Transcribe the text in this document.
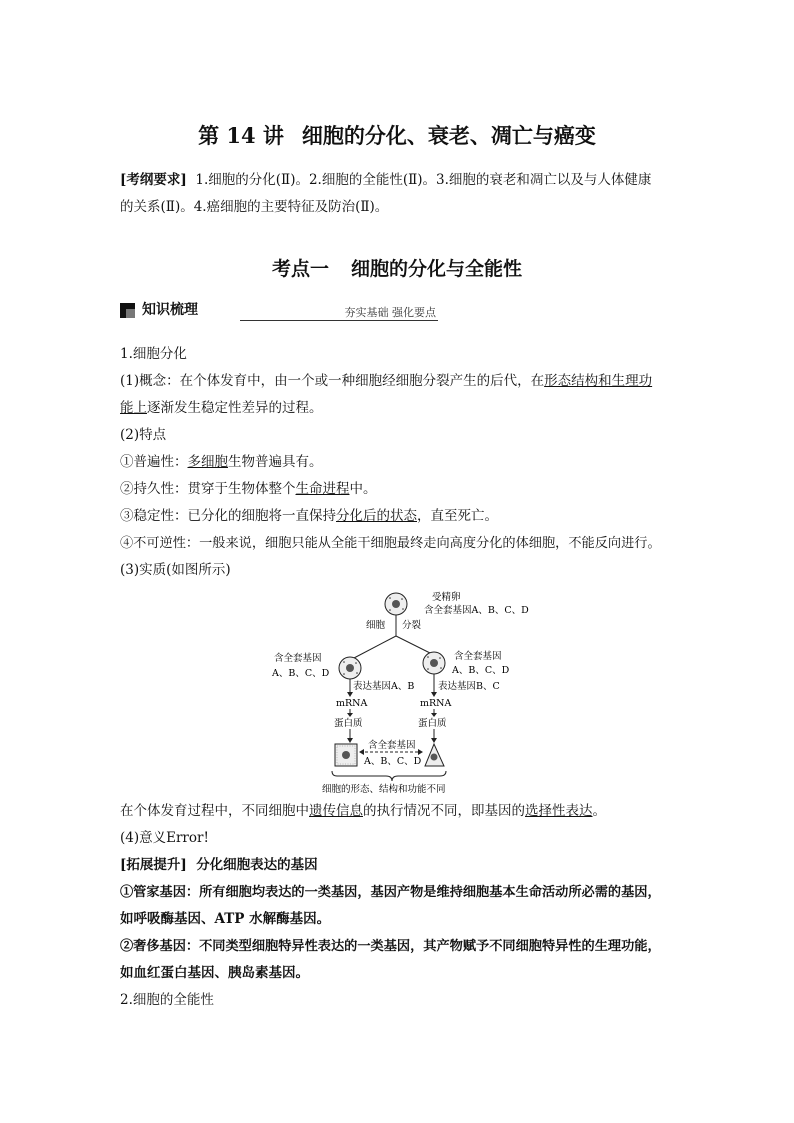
第 14 讲 细胞的分化、衰老、凋亡与癌变
[考纲要求] 1.细胞的分化(Ⅱ)。2.细胞的全能性(Ⅱ)。3.细胞的衰老和凋亡以及与人体健康
的关系(Ⅱ)。4.癌细胞的主要特征及防治(Ⅱ)。
考点一 细胞的分化与全能性
知识梳理	夯实基础 强化要点
1.细胞分化
(1)概念：在个体发育中，由一个或一种细胞经细胞分裂产生的后代，在形态结构和生理功
能上逐渐发生稳定性差异的过程。
(2)特点
①普遍性：多细胞生物普遍具有。
②持久性：贯穿于生物体整个生命进程中。
③稳定性：已分化的细胞将一直保持分化后的状态，直至死亡。
④不可逆性：一般来说，细胞只能从全能干细胞最终走向高度分化的体细胞，不能反向进行。
(3)实质(如图所示)
受精卵
含全套基因A、B、C、D
细胞 分裂
含全套基因
A、B、C、D
含全套基因
A、B、C、D
表达基因A、B 表达基因B、C
mRNA	mRNA
蛋白质	蛋白质
含全套基因
A、B、C、D
细胞的形态、结构和功能不同
在个体发育过程中，不同细胞中遗传信息的执行情况不同，即基因的选择性表达。
(4)意义Error!
[拓展提升] 分化细胞表达的基因
①管家基因：所有细胞均表达的一类基因，基因产物是维持细胞基本生命活动所必需的基因，
如呼吸酶基因、ATP 水解酶基因。
②奢侈基因：不同类型细胞特异性表达的一类基因，其产物赋予不同细胞特异性的生理功能，
如血红蛋白基因、胰岛素基因。
2.细胞的全能性
